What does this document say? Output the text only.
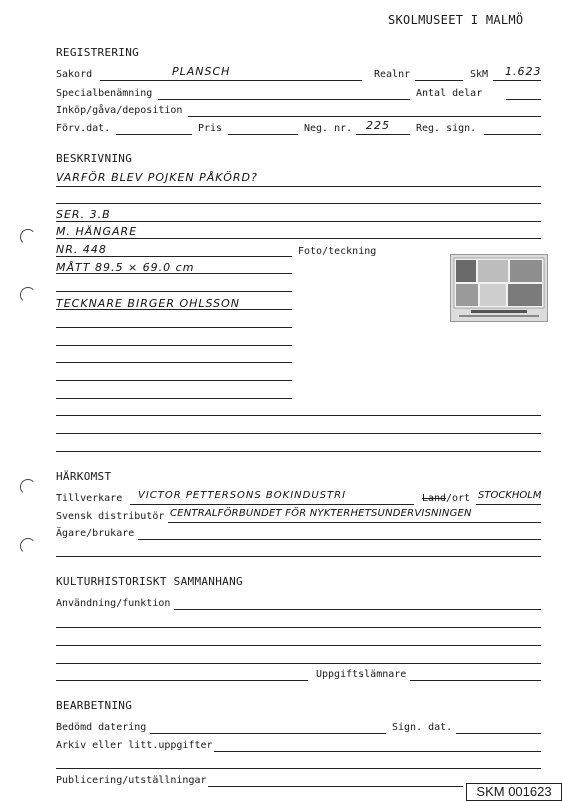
SKOLMUSEET I MALMÖ
REGISTRERING
Sakord	PLANSCH	Realnr	SkM 1.623
Specialbenämning	Antal delar
Inköp/gåva/deposition
Förv.dat.	Pris	Neg. nr. 225	Reg. sign.
BESKRIVNING
VARFÖR BLEV POJKEN PÅKÖRD?
SER. 3.B
M. HÄNGARE
NR. 448	Foto/teckning
MÅTT 89.5 × 69.0 cm
TECKNARE BIRGER OHLSSON
HÄRKOMST
Tillverkare VICTOR PETTERSONS BOKINDUSTRI	Land /ort STOCKHOLM
Svensk distributör CENTRALFÖRBUNDET FÖR NYKTERHETSUNDERVISNINGEN
Ägare/brukare
KULTURHISTORISKT SAMMANHANG
Användning/funktion
Uppgiftslämnare
BEARBETNING
Bedömd datering	Sign. dat.
Arkiv eller litt.uppgifter
Publicering/utställningar
SKM 001623
